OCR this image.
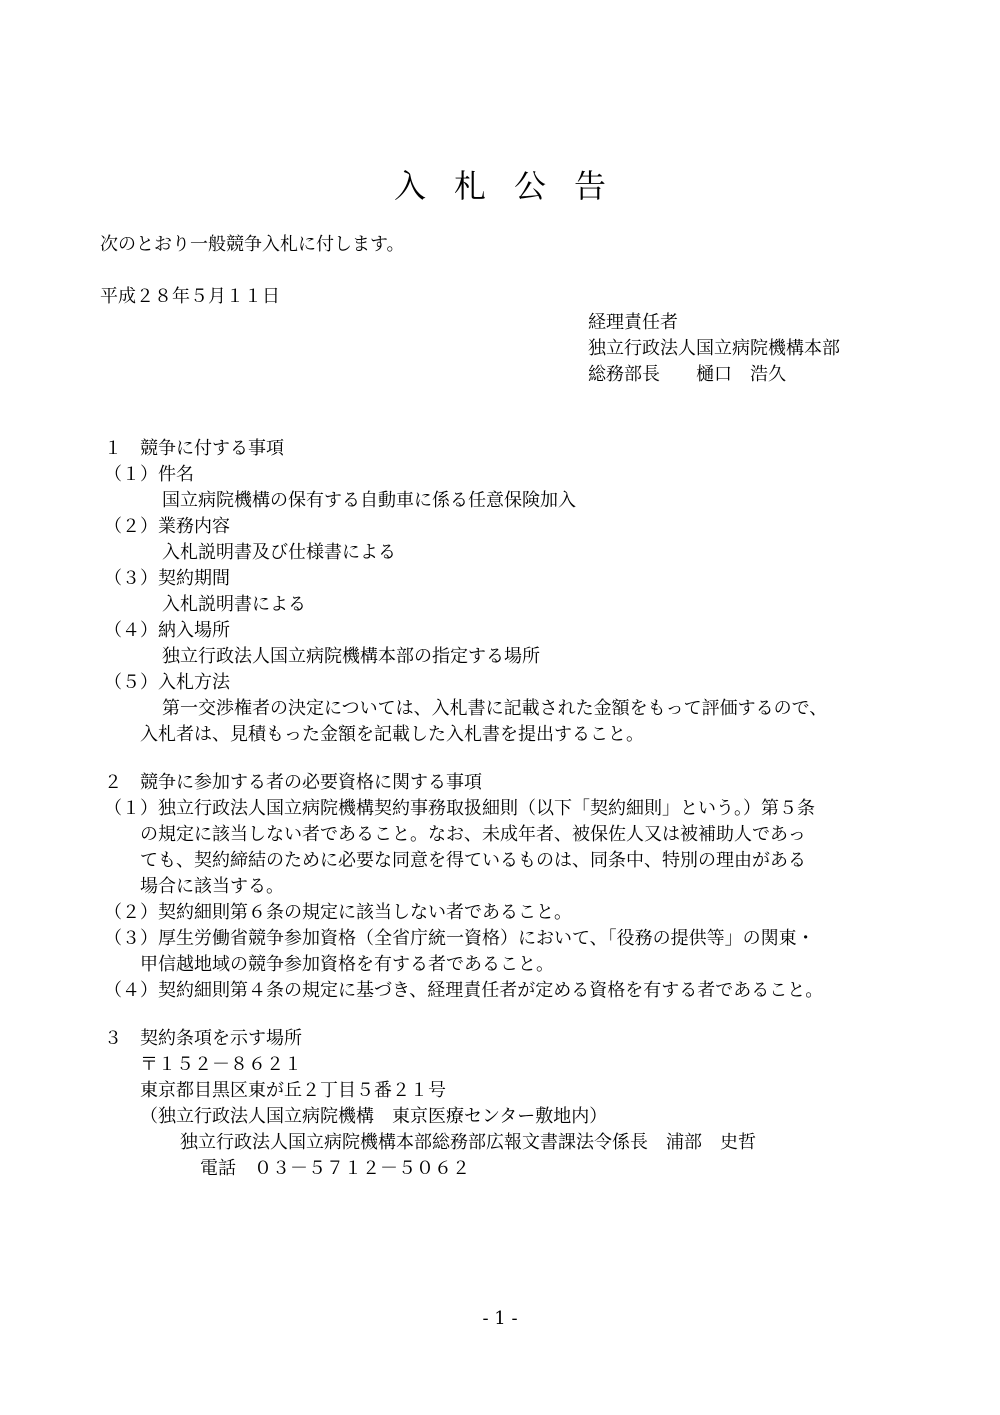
入札公告
次のとおり一般競争入札に付します。
平成２８年５月１１日
経理責任者
独立行政法人国立病院機構本部
総務部長　　樋口　浩久
１　競争に付する事項
（１）件名
国立病院機構の保有する自動車に係る任意保険加入
（２）業務内容
入札説明書及び仕様書による
（３）契約期間
入札説明書による
（４）納入場所
独立行政法人国立病院機構本部の指定する場所
（５）入札方法
第一交渉権者の決定については、入札書に記載された金額をもって評価するので、
入札者は、見積もった金額を記載した入札書を提出すること。
２　競争に参加する者の必要資格に関する事項
（１）独立行政法人国立病院機構契約事務取扱細則（以下「契約細則」という。）第５条
の規定に該当しない者であること。なお、未成年者、被保佐人又は被補助人であっ
ても、契約締結のために必要な同意を得ているものは、同条中、特別の理由がある
場合に該当する。
（２）契約細則第６条の規定に該当しない者であること。
（３）厚生労働省競争参加資格（全省庁統一資格）において、「役務の提供等」の関東・
甲信越地域の競争参加資格を有する者であること。
（４）契約細則第４条の規定に基づき、経理責任者が定める資格を有する者であること。
３　契約条項を示す場所
〒１５２－８６２１
東京都目黒区東が丘２丁目５番２１号
（独立行政法人国立病院機構　東京医療センター敷地内）
独立行政法人国立病院機構本部総務部広報文書課法令係長　浦部　史哲
電話　０３－５７１２－５０６２
- 1 -
